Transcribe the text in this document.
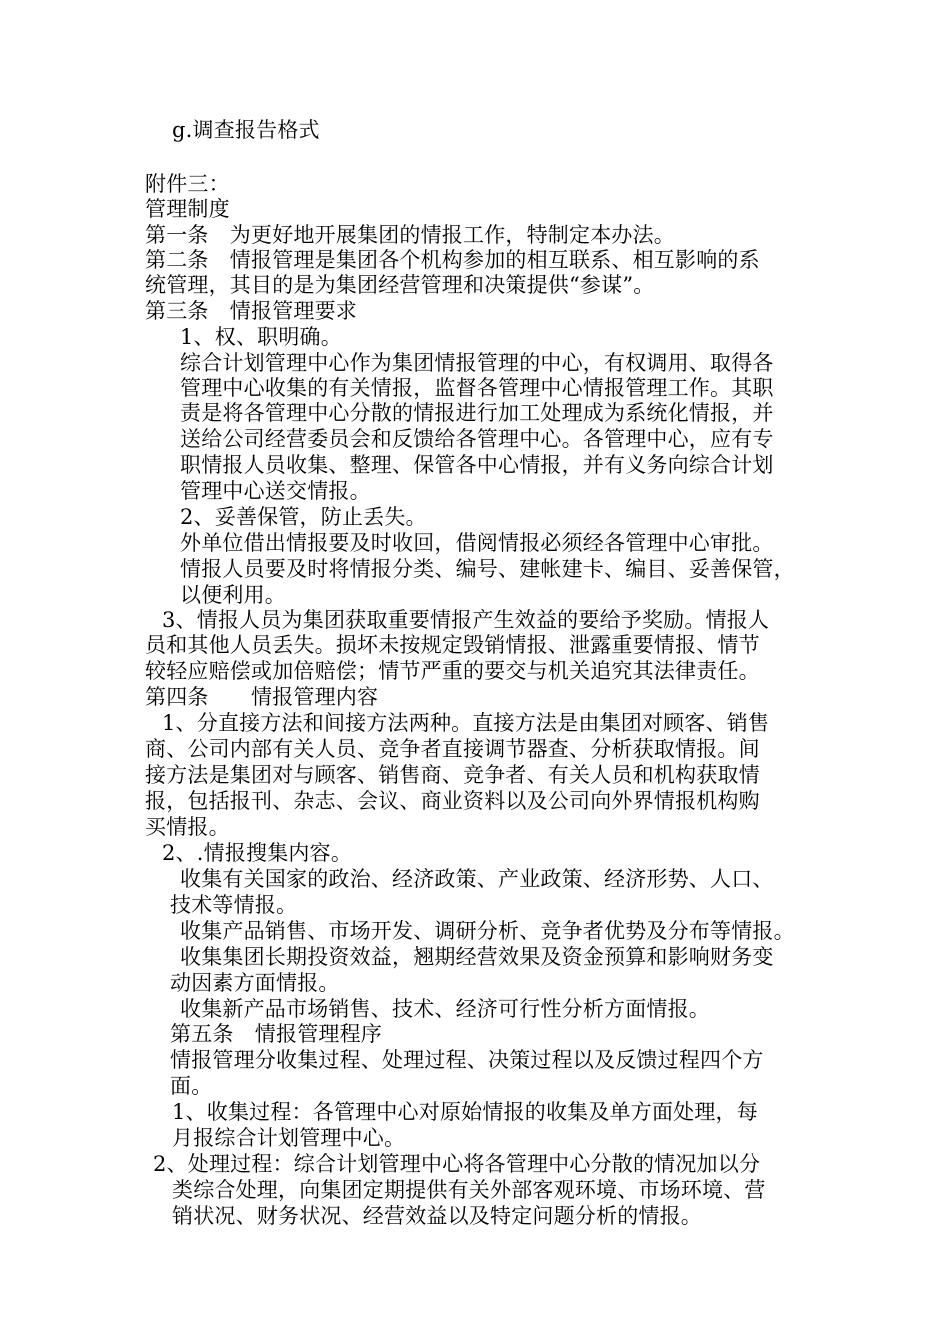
g.调查报告格式

附件三：

管理制度

第一条　为更好地开展集团的情报工作，特制定本办法。

第二条　情报管理是集团各个机构参加的相互联系、相互影响的系

统管理，其目的是为集团经营管理和决策提供“参谋”。

第三条　情报管理要求

1、权、职明确。

综合计划管理中心作为集团情报管理的中心，有权调用、取得各

管理中心收集的有关情报，监督各管理中心情报管理工作。其职

责是将各管理中心分散的情报进行加工处理成为系统化情报，并

送给公司经营委员会和反馈给各管理中心。各管理中心，应有专

职情报人员收集、整理、保管各中心情报，并有义务向综合计划

管理中心送交情报。

2、妥善保管，防止丢失。

外单位借出情报要及时收回，借阅情报必须经各管理中心审批。

情报人员要及时将情报分类、编号、建帐建卡、编目、妥善保管，

以便利用。

3、情报人员为集团获取重要情报产生效益的要给予奖励。情报人

员和其他人员丢失。损坏未按规定毁销情报、泄露重要情报、情节

较轻应赔偿或加倍赔偿；情节严重的要交与机关追究其法律责任。

第四条　　情报管理内容

1、分直接方法和间接方法两种。直接方法是由集团对顾客、销售

商、公司内部有关人员、竞争者直接调节器查、分析获取情报。间

接方法是集团对与顾客、销售商、竞争者、有关人员和机构获取情

报，包括报刊、杂志、会议、商业资料以及公司向外界情报机构购

买情报。

2、.情报搜集内容。

收集有关国家的政治、经济政策、产业政策、经济形势、人口、

技术等情报。

收集产品销售、市场开发、调研分析、竞争者优势及分布等情报。

收集集团长期投资效益，翘期经营效果及资金预算和影响财务变

动因素方面情报。

收集新产品市场销售、技术、经济可行性分析方面情报。

第五条　情报管理程序

情报管理分收集过程、处理过程、决策过程以及反馈过程四个方

面。

1、收集过程：各管理中心对原始情报的收集及单方面处理，每

月报综合计划管理中心。

2、处理过程：综合计划管理中心将各管理中心分散的情况加以分

类综合处理，向集团定期提供有关外部客观环境、市场环境、营

销状况、财务状况、经营效益以及特定问题分析的情报。
